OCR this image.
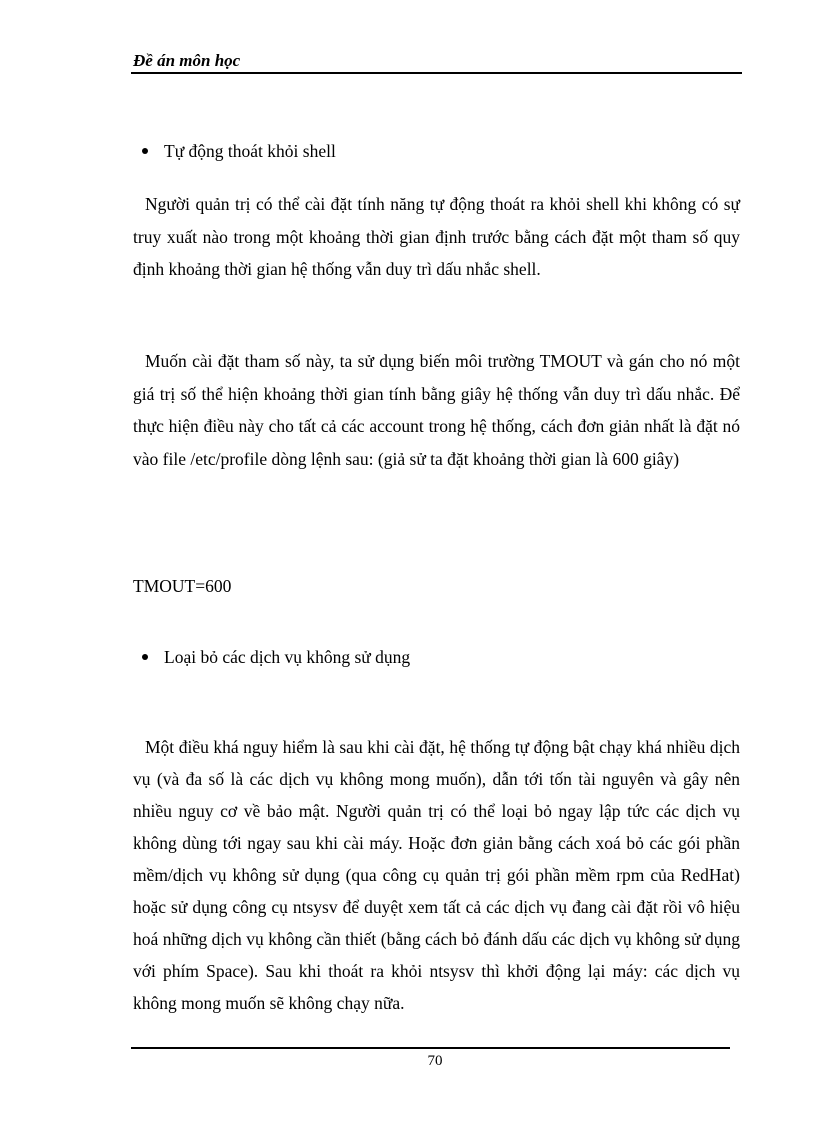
Đề án môn học
Tự động thoát khỏi shell

Người quản trị có thể cài đặt tính năng tự động thoát ra khỏi shell khi không có sự truy xuất nào trong một khoảng thời gian định trước bằng cách đặt một tham số quy định khoảng thời gian hệ thống vẫn duy trì dấu nhắc shell.

Muốn cài đặt tham số này, ta sử dụng biến môi trường TMOUT và gán cho nó một giá trị số thể hiện khoảng thời gian tính bằng giây hệ thống vẫn duy trì dấu nhắc. Để thực hiện điều này cho tất cả các account trong hệ thống, cách đơn giản nhất là đặt nó vào file /etc/profile dòng lệnh sau: (giả sử ta đặt khoảng thời gian là 600 giây)

TMOUT=600
Loại bỏ các dịch vụ không sử dụng

Một điều khá nguy hiểm là sau khi cài đặt, hệ thống tự động bật chạy khá nhiều dịch vụ (và đa số là các dịch vụ không mong muốn), dẫn tới tốn tài nguyên và gây nên nhiều nguy cơ về bảo mật. Người quản trị có thể loại bỏ ngay lập tức các dịch vụ không dùng tới ngay sau khi cài máy. Hoặc đơn giản bằng cách xoá bỏ các gói phần mềm/dịch vụ không sử dụng (qua công cụ quản trị gói phần mềm rpm của RedHat) hoặc sử dụng công cụ ntsysv để duyệt xem tất cả các dịch vụ đang cài đặt rồi vô hiệu hoá những dịch vụ không cần thiết (bằng cách bỏ đánh dấu các dịch vụ không sử dụng với phím Space). Sau khi thoát ra khỏi ntsysv thì khởi động lại máy: các dịch vụ không mong muốn sẽ không chạy nữa.

70
